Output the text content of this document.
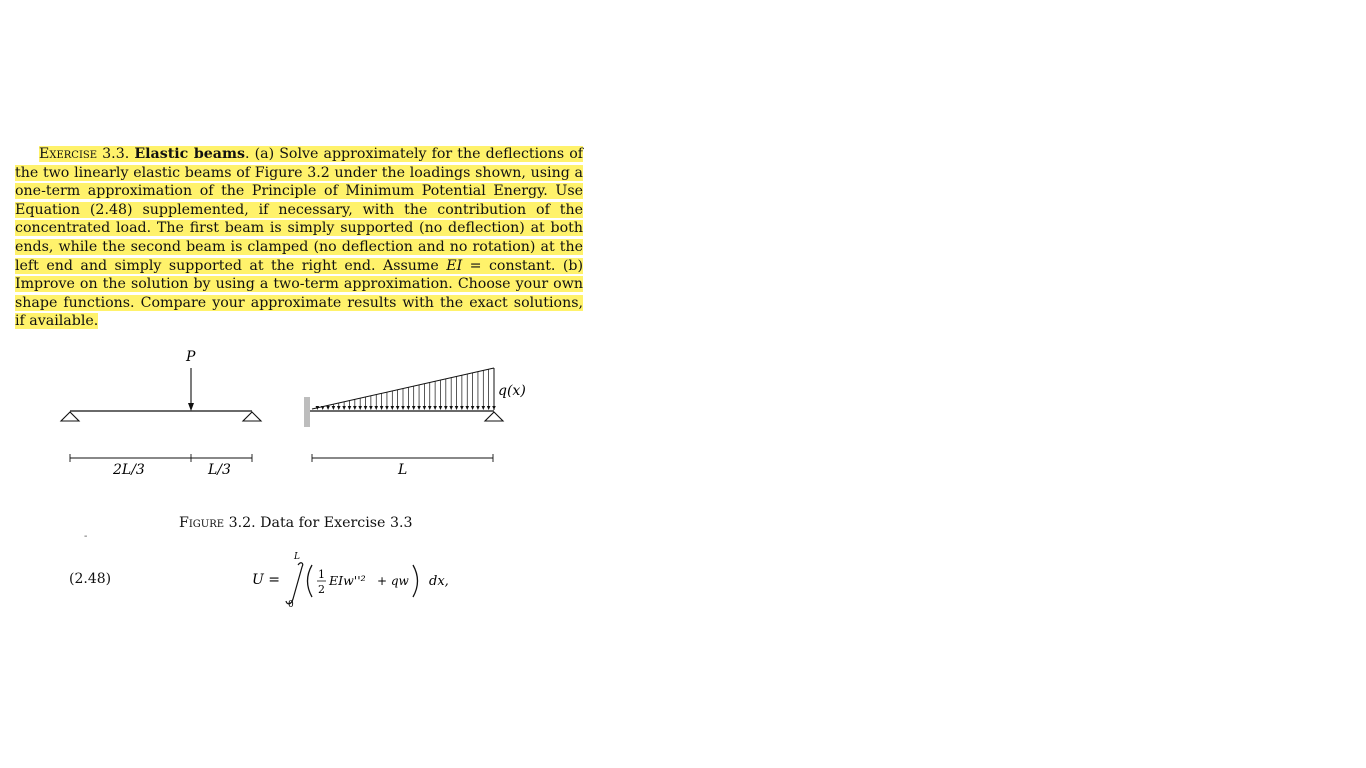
Exercise 3.3. Elastic beams. (a) Solve approximately for the deflections of the two linearly elastic beams of Figure 3.2 under the loadings shown, using a one-term approximation of the Principle of Minimum Potential Energy. Use Equation (2.48) supplemented, if necessary, with the contribution of the concentrated load. The first beam is simply supported (no deflection) at both ends, while the second beam is clamped (no deflection and no rotation) at the left end and simply supported at the right end. Assume EI = constant. (b) Improve on the solution by using a two-term approximation. Choose your own shape functions. Compare your approximate results with the exact solutions, if available.

P
2L/3	L/3
q(x)
L
Figure 3.2. Data for Exercise 3.3
-
(2.48)	U =
L
0
1
2
EIw''² + qw dx,
